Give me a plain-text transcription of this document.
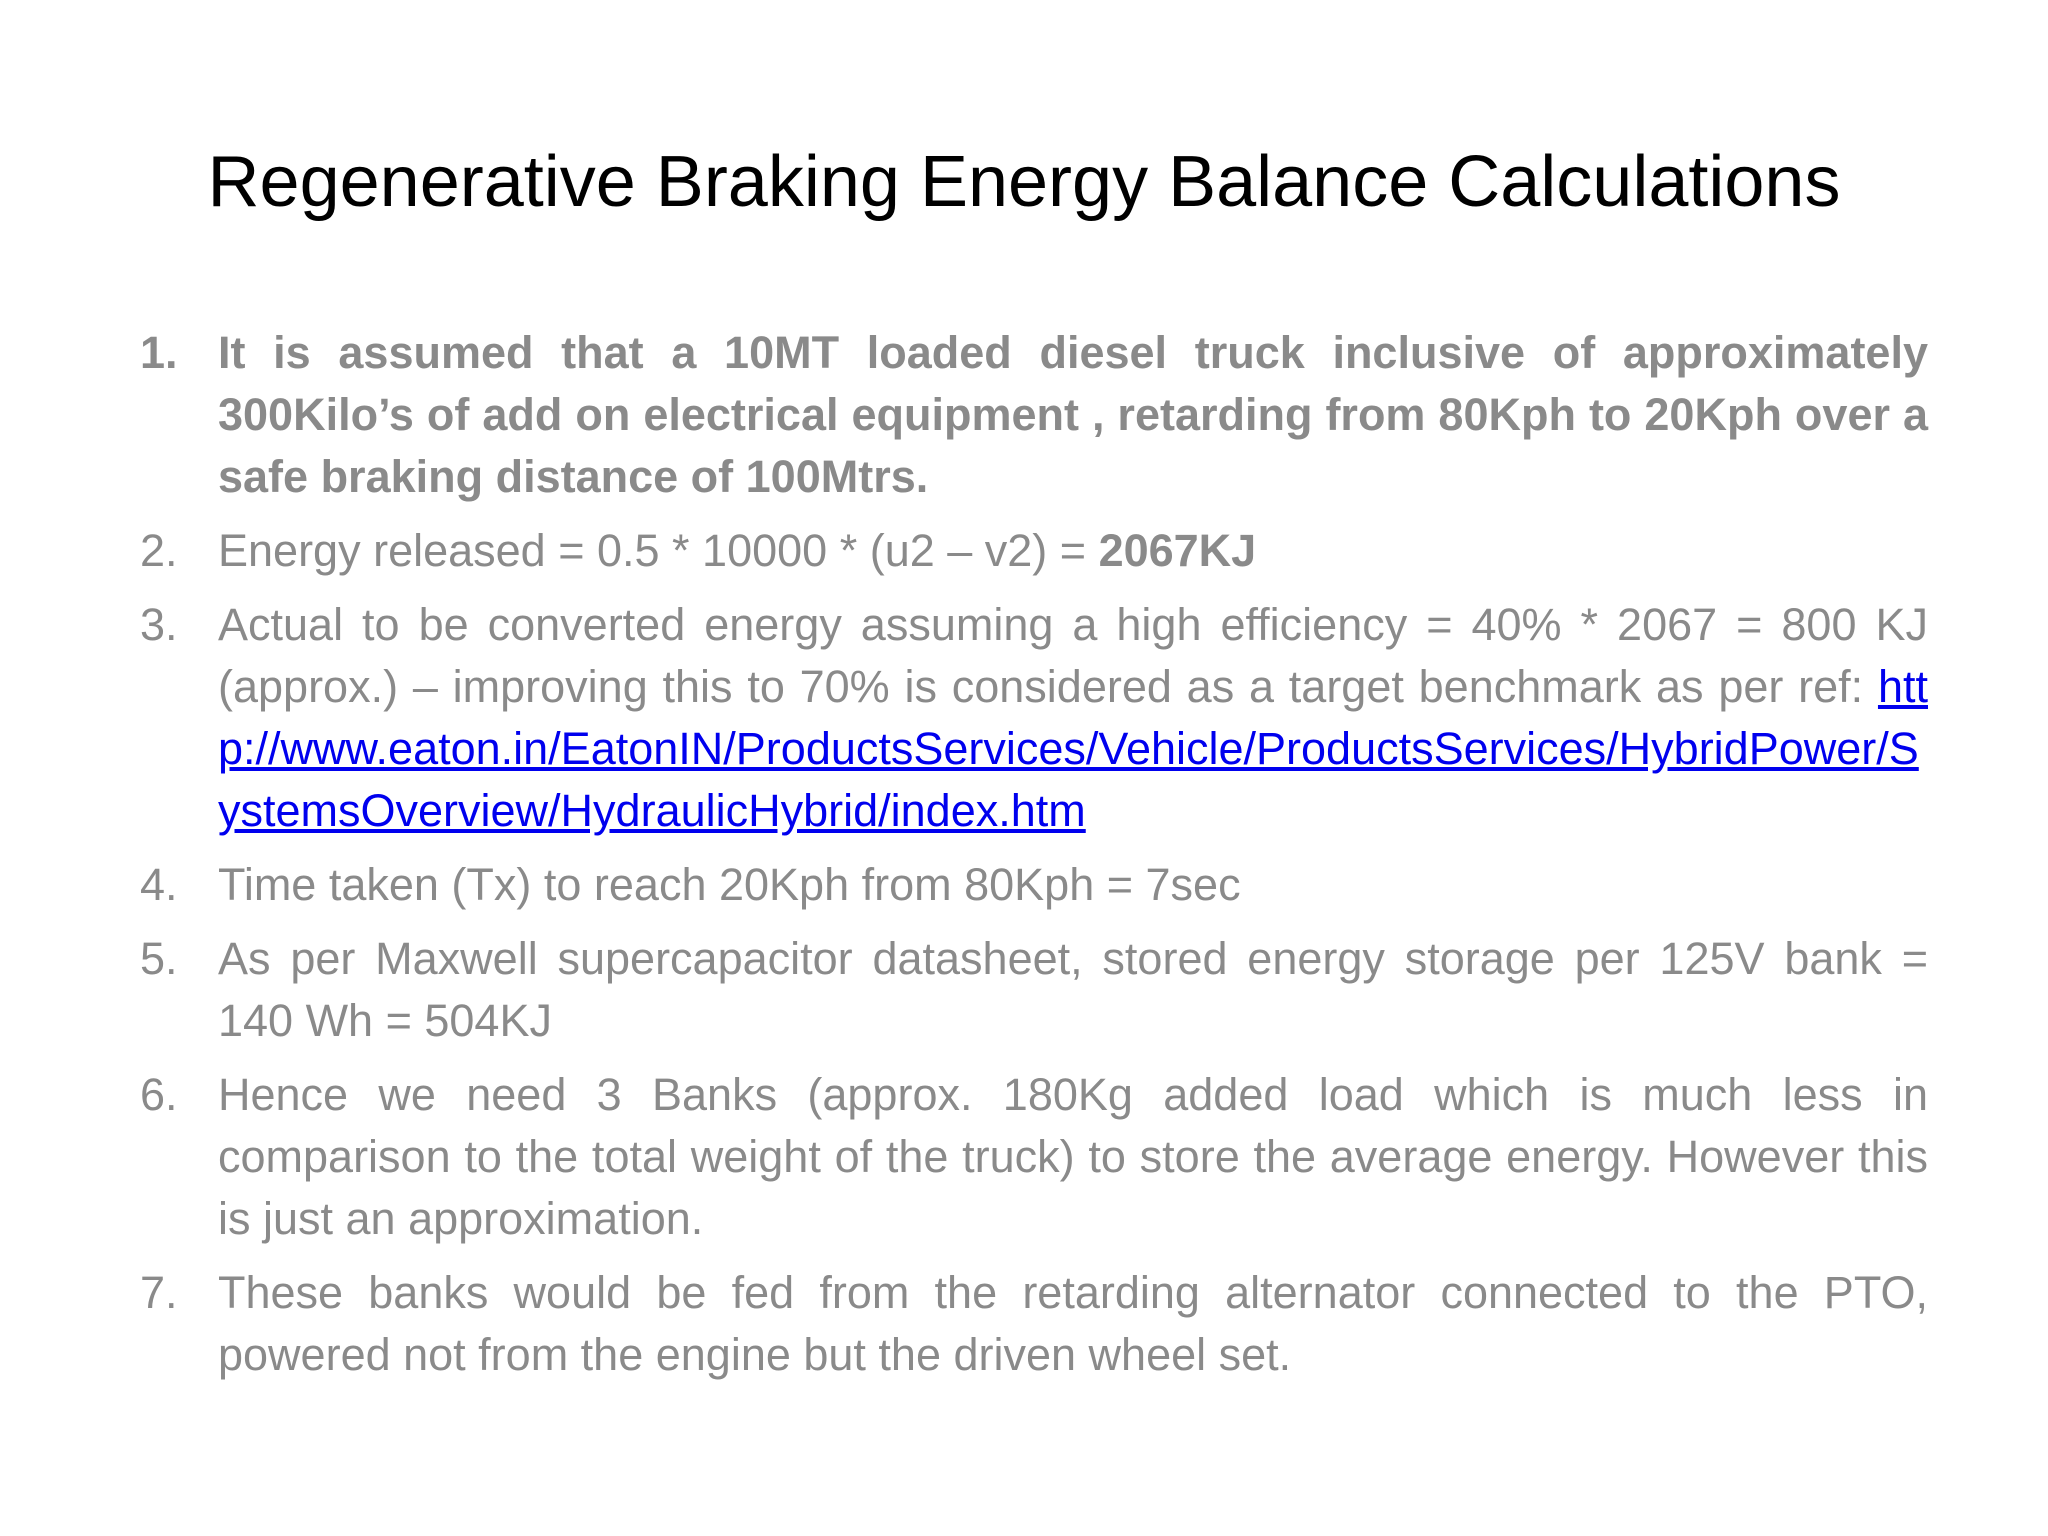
Regenerative Braking Energy Balance Calculations
1. It is assumed that a 10MT loaded diesel truck inclusive of approximately 300Kilo’s of add on electrical equipment , retarding from 80Kph to 20Kph over a safe braking distance of 100Mtrs.
2. Energy released = 0.5 * 10000 * (u2 – v2) = 2067KJ
3. Actual to be converted energy assuming a high efficiency = 40% * 2067 = 800 KJ (approx.) – improving this to 70% is considered as a target benchmark as per ref: http://www.eaton.in/EatonIN/ProductsServices/Vehicle/ProductsServices/HybridPower/SystemsOverview/HydraulicHybrid/index.htm
4. Time taken (Tx) to reach 20Kph from 80Kph = 7sec
5. As per Maxwell supercapacitor datasheet, stored energy storage per 125V bank = 140 Wh = 504KJ
6. Hence we need 3 Banks (approx. 180Kg added load which is much less in comparison to the total weight of the truck) to store the average energy. However this is just an approximation.
7. These banks would be fed from the retarding alternator connected to the PTO, powered not from the engine but the driven wheel set.
